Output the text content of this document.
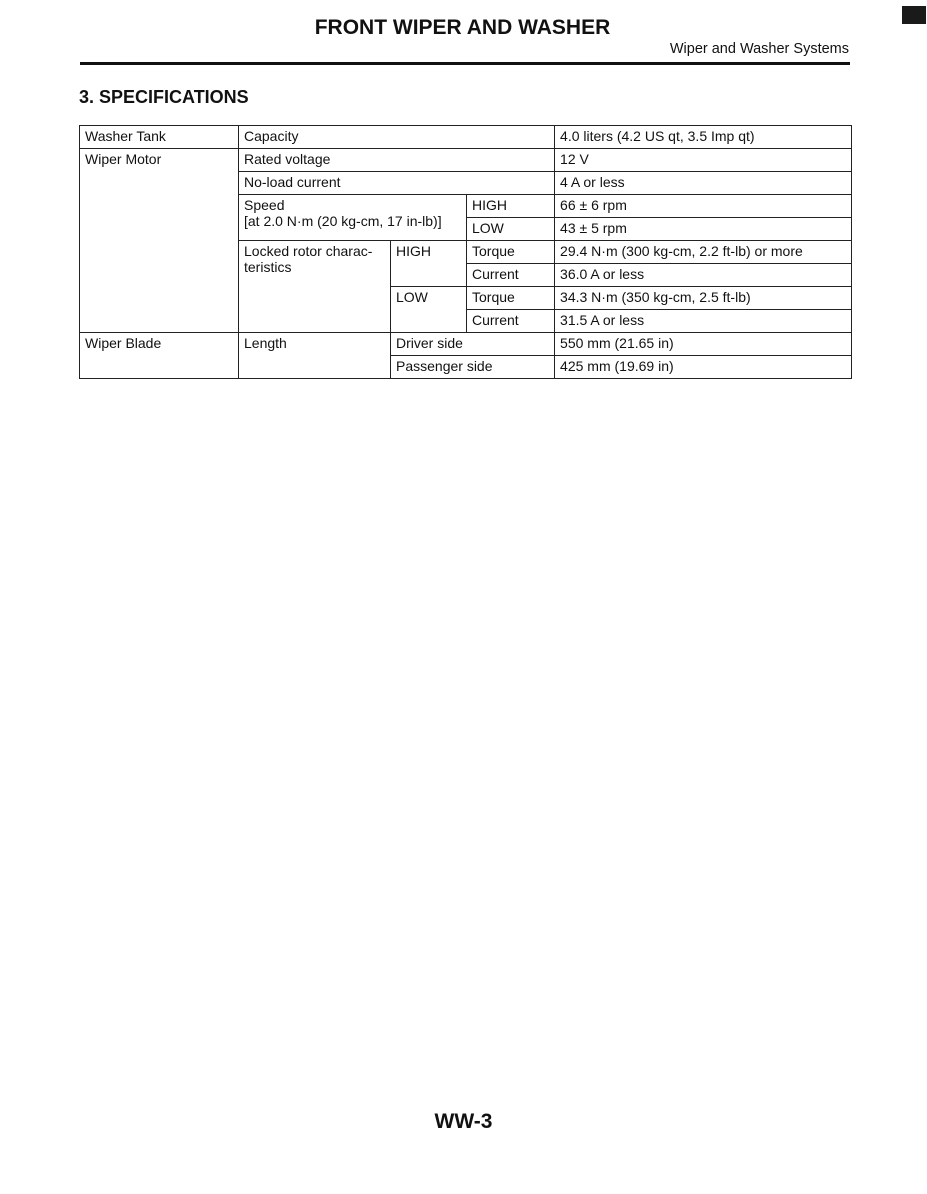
FRONT WIPER AND WASHER
Wiper and Washer Systems
3. SPECIFICATIONS
Washer Tank	Capacity			4.0 liters (4.2 US qt, 3.5 Imp qt)
Wiper Motor	Rated voltage			12 V
	No-load current			4 A or less

	Speed
[at 2.0 N·m (20 kg-cm, 17 in-lb)]		HIGH	66 ± 6 rpm
			LOW	43 ± 5 rpm

	Locked rotor charac-
teristics	HIGH	Torque	29.4 N·m (300 kg-cm, 2.2 ft-lb) or more
			Current	36.0 A or less
		LOW	Torque	34.3 N·m (350 kg-cm, 2.5 ft-lb)
			Current	31.5 A or less
Wiper Blade	Length	Driver side		550 mm (21.65 in)
		Passenger side		425 mm (19.69 in)
WW-3
